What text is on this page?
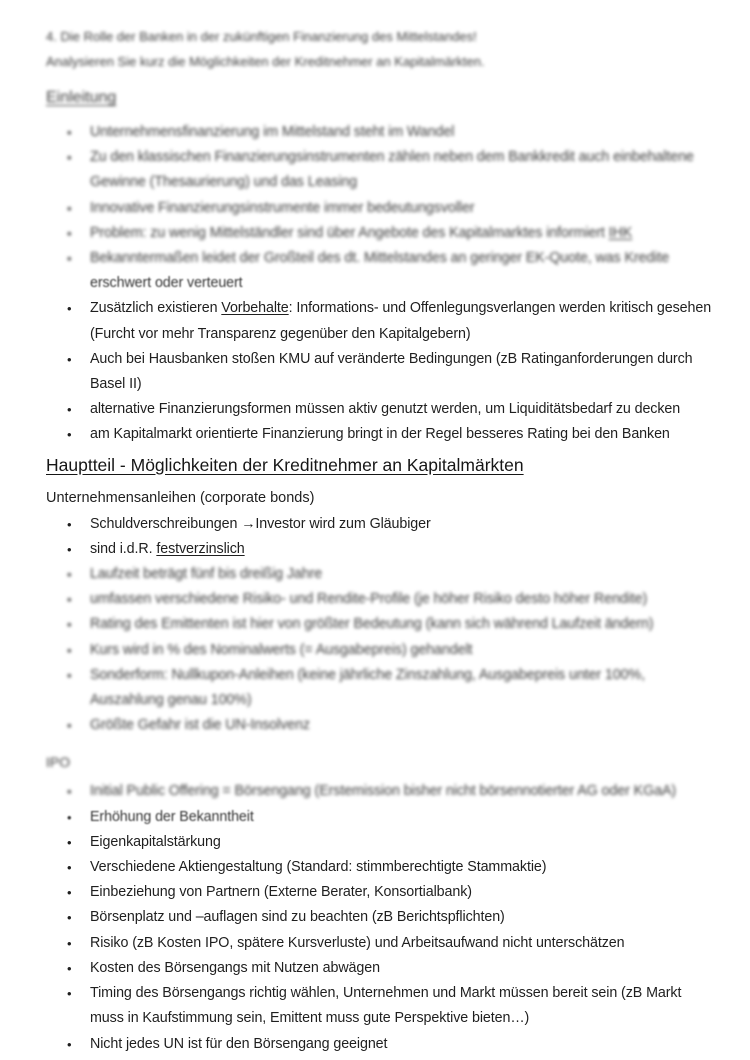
4. Die Rolle der Banken in der zukünftigen Finanzierung des Mittelstandes!
Analysieren Sie kurz die Möglichkeiten der Kreditnehmer an Kapitalmärkten.
Einleitung
• Unternehmensfinanzierung im Mittelstand steht im Wandel
• Zu den klassischen Finanzierungsinstrumenten zählen neben dem Bankkredit auch einbehaltene
Gewinne (Thesaurierung) und das Leasing
• Innovative Finanzierungsinstrumente immer bedeutungsvoller
• Problem: zu wenig Mittelständler sind über Angebote des Kapitalmarktes informiert IHK
• Bekanntermaßen leidet der Großteil des dt. Mittelstandes an geringer EK-Quote, was Kredite
erschwert oder verteuert
• Zusätzlich existieren Vorbehalte: Informations- und Offenlegungsverlangen werden kritisch gesehen
(Furcht vor mehr Transparenz gegenüber den Kapitalgebern)
• Auch bei Hausbanken stoßen KMU auf veränderte Bedingungen (zB Ratinganforderungen durch
Basel II)
• alternative Finanzierungsformen müssen aktiv genutzt werden, um Liquiditätsbedarf zu decken
• am Kapitalmarkt orientierte Finanzierung bringt in der Regel besseres Rating bei den Banken
Hauptteil - Möglichkeiten der Kreditnehmer an Kapitalmärkten
Unternehmensanleihen (corporate bonds)
• Schuldverschreibungen →Investor wird zum Gläubiger
• sind i.d.R. festverzinslich
• Laufzeit beträgt fünf bis dreißig Jahre
• umfassen verschiedene Risiko- und Rendite-Profile (je höher Risiko desto höher Rendite)
• Rating des Emittenten ist hier von größter Bedeutung (kann sich während Laufzeit ändern)
• Kurs wird in % des Nominalwerts (= Ausgabepreis) gehandelt
• Sonderform: Nullkupon-Anleihen (keine jährliche Zinszahlung, Ausgabepreis unter 100%,
Auszahlung genau 100%)
• Größte Gefahr ist die UN-Insolvenz
IPO
• Initial Public Offering = Börsengang (Erstemission bisher nicht börsennotierter AG oder KGaA)
• Erhöhung der Bekanntheit
• Eigenkapitalstärkung
• Verschiedene Aktiengestaltung (Standard: stimmberechtigte Stammaktie)
• Einbeziehung von Partnern (Externe Berater, Konsortialbank)
• Börsenplatz und –auflagen sind zu beachten (zB Berichtspflichten)
• Risiko (zB Kosten IPO, spätere Kursverluste) und Arbeitsaufwand nicht unterschätzen
• Kosten des Börsengangs mit Nutzen abwägen
• Timing des Börsengangs richtig wählen, Unternehmen und Markt müssen bereit sein (zB Markt
muss in Kaufstimmung sein, Emittent muss gute Perspektive bieten…)
• Nicht jedes UN ist für den Börsengang geeignet
